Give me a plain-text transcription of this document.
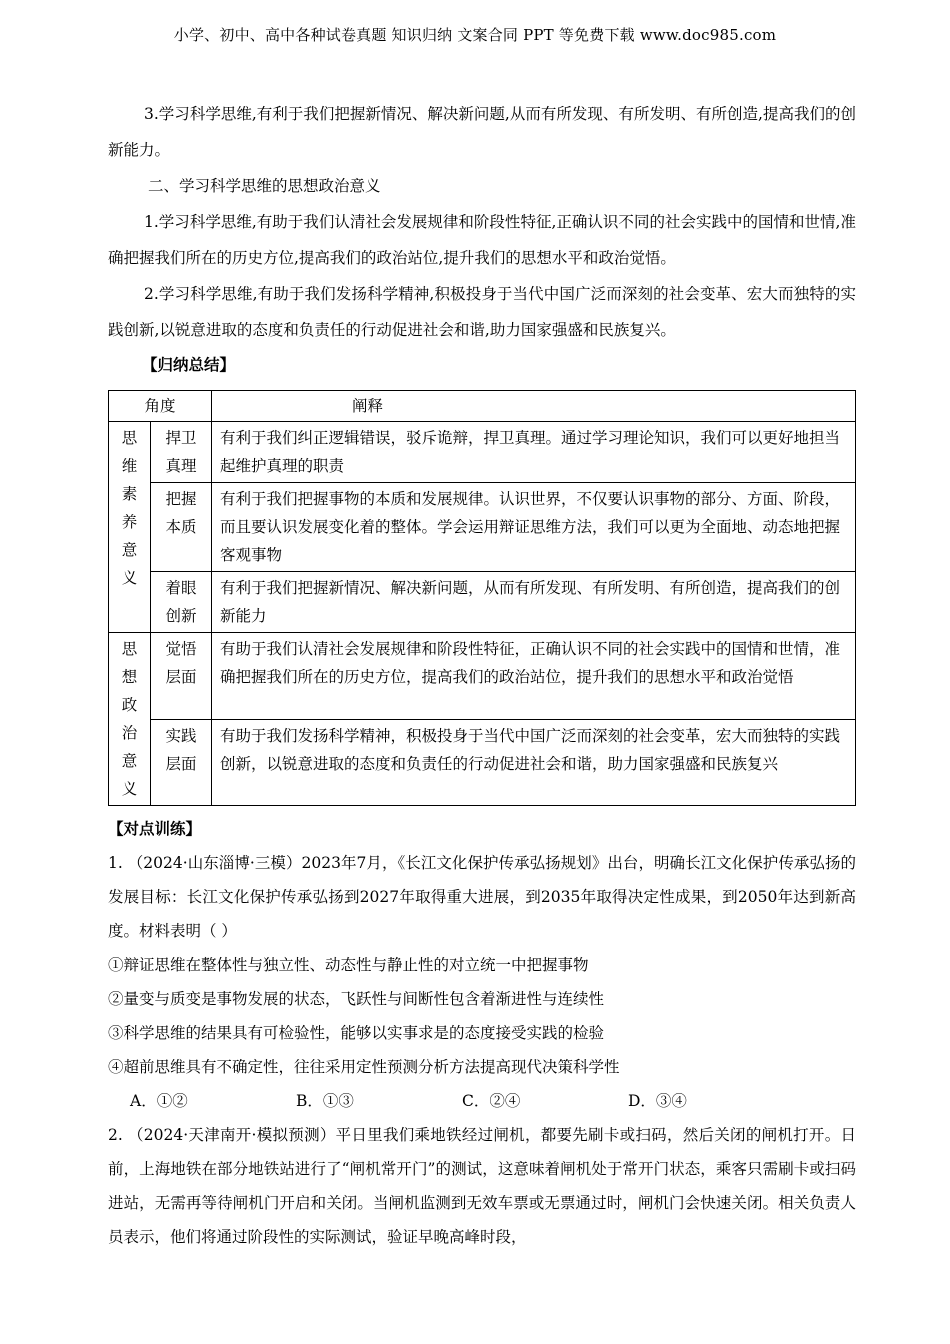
小学、初中、高中各种试卷真题 知识归纳 文案合同 PPT 等免费下载 www.doc985.com

3.学习科学思维,有利于我们把握新情况、解决新问题,从而有所发现、有所发明、有所创造,提高我们的创新能力。

二、学习科学思维的思想政治意义

1.学习科学思维,有助于我们认清社会发展规律和阶段性特征,正确认识不同的社会实践中的国情和世情,准确把握我们所在的历史方位,提高我们的政治站位,提升我们的思想水平和政治觉悟。

2.学习科学思维,有助于我们发扬科学精神,积极投身于当代中国广泛而深刻的社会变革、宏大而独特的实践创新,以锐意进取的态度和负责任的行动促进社会和谐,助力国家强盛和民族复兴。

【归纳总结】

角度		阐释
思维素养意义	捍卫真理	有利于我们纠正逻辑错误，驳斥诡辩，捍卫真理。通过学习理论知识，我们可以更好地担当起维护真理的职责
	把握本质	有利于我们把握事物的本质和发展规律。认识世界，不仅要认识事物的部分、方面、阶段，而且要认识发展变化着的整体。学会运用辩证思维方法，我们可以更为全面地、动态地把握客观事物
	着眼创新	有利于我们把握新情况、解决新问题，从而有所发现、有所发明、有所创造，提高我们的创新能力
思想政治意义	觉悟层面	有助于我们认清社会发展规律和阶段性特征，正确认识不同的社会实践中的国情和世情，准确把握我们所在的历史方位，提高我们的政治站位，提升我们的思想水平和政治觉悟
	实践层面	有助于我们发扬科学精神，积极投身于当代中国广泛而深刻的社会变革，宏大而独特的实践创新，以锐意进取的态度和负责任的行动促进社会和谐，助力国家强盛和民族复兴

【对点训练】

1. （2024·山东淄博·三模）2023年7月，《长江文化保护传承弘扬规划》出台，明确长江文化保护传承弘扬的发展目标：长江文化保护传承弘扬到2027年取得重大进展，到2035年取得决定性成果，到2050年达到新高度。材料表明（ ）

①辩证思维在整体性与独立性、动态性与静止性的对立统一中把握事物

②量变与质变是事物发展的状态，飞跃性与间断性包含着渐进性与连续性

③科学思维的结果具有可检验性，能够以实事求是的态度接受实践的检验

④超前思维具有不确定性，往往采用定性预测分析方法提高现代决策科学性

A．①②	B．①③	C．②④	D．③④

2. （2024·天津南开·模拟预测）平日里我们乘地铁经过闸机，都要先刷卡或扫码，然后关闭的闸机打开。日前，上海地铁在部分地铁站进行了“闸机常开门”的测试，这意味着闸机处于常开门状态，乘客只需刷卡或扫码进站，无需再等待闸机门开启和关闭。当闸机监测到无效车票或无票通过时，闸机门会快速关闭。相关负责人员表示，他们将通过阶段性的实际测试，验证早晚高峰时段，
